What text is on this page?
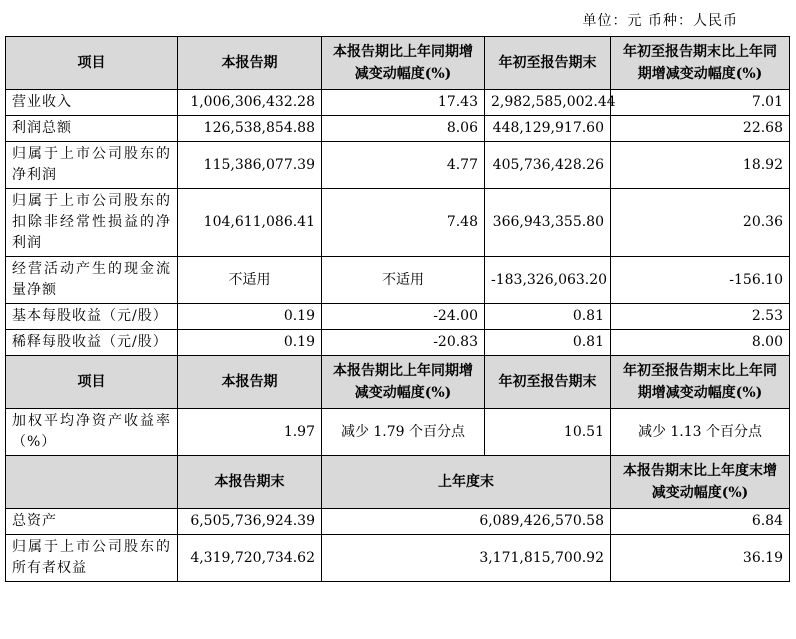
单位：元 币种：人民币
项目	本报告期	本报告期比上年同期增减变动幅度(%)	年初至报告期末	年初至报告期末比上年同期增减变动幅度(%)
营业收入	1,006,306,432.28	17.43	2,982,585,002.44	7.01
利润总额	126,538,854.88	8.06	448,129,917.60	22.68
归属于上市公司股东的净利润	115,386,077.39	4.77	405,736,428.26	18.92
归属于上市公司股东的扣除非经常性损益的净利润	104,611,086.41	7.48	366,943,355.80	20.36
经营活动产生的现金流量净额	不适用	不适用	-183,326,063.20	-156.10
基本每股收益（元/股）	0.19	-24.00	0.81	2.53
稀释每股收益（元/股）	0.19	-20.83	0.81	8.00
项目	本报告期	本报告期比上年同期增减变动幅度(%)	年初至报告期末	年初至报告期末比上年同期增减变动幅度(%)
加权平均净资产收益率（%）	1.97	减少 1.79 个百分点	10.51	减少 1.13 个百分点
	本报告期末	上年度末		本报告期末比上年度末增减变动幅度(%)
总资产	6,505,736,924.39	6,089,426,570.58		6.84
归属于上市公司股东的所有者权益	4,319,720,734.62	3,171,815,700.92		36.19
